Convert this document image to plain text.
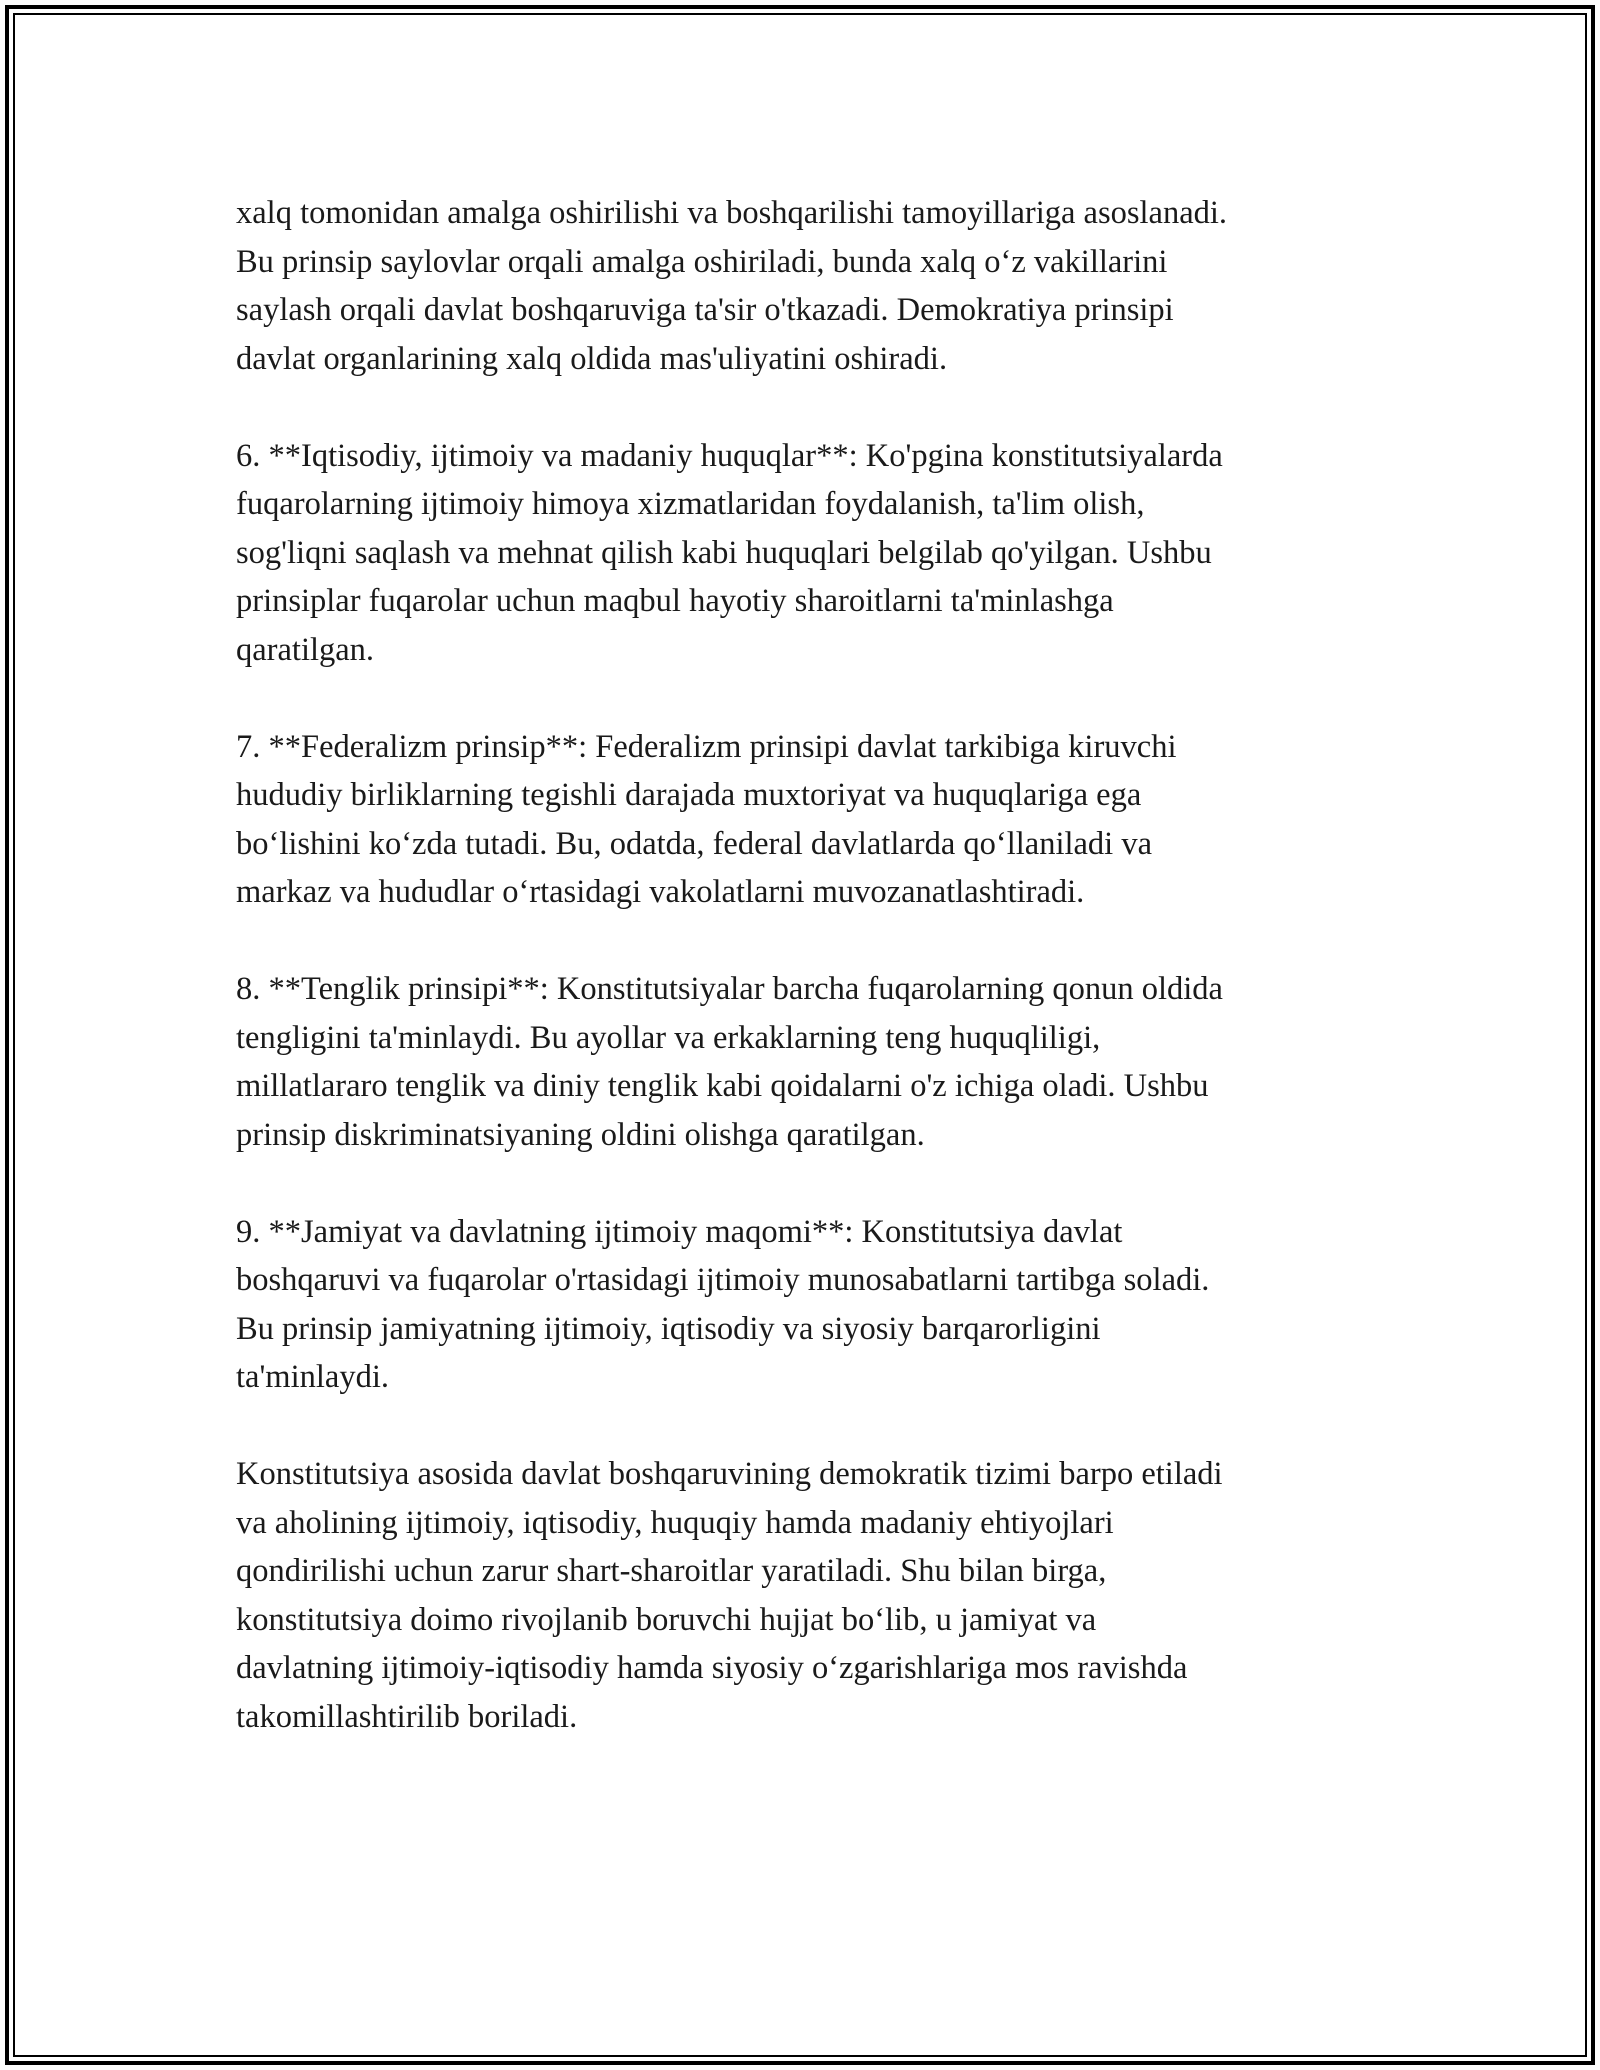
xalq tomonidan amalga oshirilishi va boshqarilishi tamoyillariga asoslanadi.
Bu prinsip saylovlar orqali amalga oshiriladi, bunda xalq o‘z vakillarini
saylash orqali davlat boshqaruviga ta'sir o'tkazadi. Demokratiya prinsipi
davlat organlarining xalq oldida mas'uliyatini oshiradi.

6. **Iqtisodiy, ijtimoiy va madaniy huquqlar**: Ko'pgina konstitutsiyalarda
fuqarolarning ijtimoiy himoya xizmatlaridan foydalanish, ta'lim olish,
sog'liqni saqlash va mehnat qilish kabi huquqlari belgilab qo'yilgan. Ushbu
prinsiplar fuqarolar uchun maqbul hayotiy sharoitlarni ta'minlashga
qaratilgan.

7. **Federalizm prinsip**: Federalizm prinsipi davlat tarkibiga kiruvchi
hududiy birliklarning tegishli darajada muxtoriyat va huquqlariga ega
bo‘lishini ko‘zda tutadi. Bu, odatda, federal davlatlarda qo‘llaniladi va
markaz va hududlar o‘rtasidagi vakolatlarni muvozanatlashtiradi.

8. **Tenglik prinsipi**: Konstitutsiyalar barcha fuqarolarning qonun oldida
tengligini ta'minlaydi. Bu ayollar va erkaklarning teng huquqliligi,
millatlararo tenglik va diniy tenglik kabi qoidalarni o'z ichiga oladi. Ushbu
prinsip diskriminatsiyaning oldini olishga qaratilgan.

9. **Jamiyat va davlatning ijtimoiy maqomi**: Konstitutsiya davlat
boshqaruvi va fuqarolar o'rtasidagi ijtimoiy munosabatlarni tartibga soladi.
Bu prinsip jamiyatning ijtimoiy, iqtisodiy va siyosiy barqarorligini
ta'minlaydi.

Konstitutsiya asosida davlat boshqaruvining demokratik tizimi barpo etiladi
va aholining ijtimoiy, iqtisodiy, huquqiy hamda madaniy ehtiyojlari
qondirilishi uchun zarur shart-sharoitlar yaratiladi. Shu bilan birga,
konstitutsiya doimo rivojlanib boruvchi hujjat bo‘lib, u jamiyat va
davlatning ijtimoiy-iqtisodiy hamda siyosiy o‘zgarishlariga mos ravishda
takomillashtirilib boriladi.
